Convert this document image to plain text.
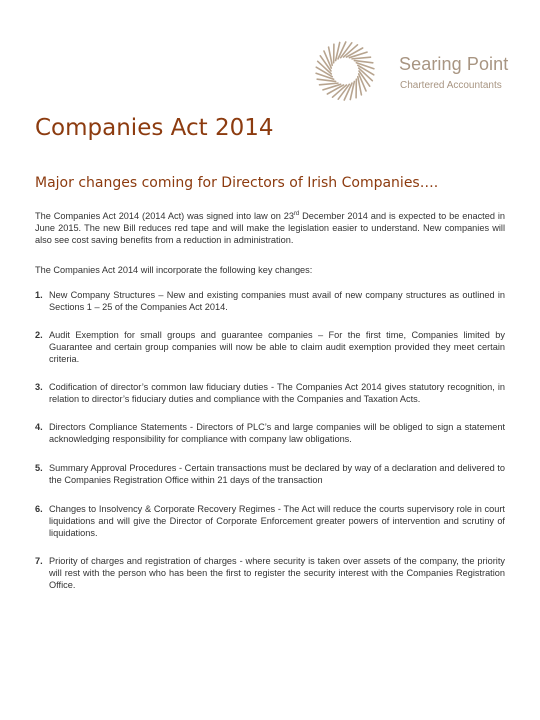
Searing Point
Chartered Accountants
Companies Act 2014
Major changes coming for Directors of Irish Companies….
The Companies Act 2014 (2014 Act) was signed into law on 23rd December 2014 and is expected to be enacted in June 2015. The new Bill reduces red tape and will make the legislation easier to understand. New companies will also see cost saving benefits from a reduction in administration.
The Companies Act 2014 will incorporate the following key changes:
1. New Company Structures – New and existing companies must avail of new company structures as outlined in Sections 1 – 25 of the Companies Act 2014.
2. Audit Exemption for small groups and guarantee companies – For the first time, Companies limited by Guarantee and certain group companies will now be able to claim audit exemption provided they meet certain criteria.
3. Codification of director’s common law fiduciary duties - The Companies Act 2014 gives statutory recognition, in relation to director’s fiduciary duties and compliance with the Companies and Taxation Acts.
4. Directors Compliance Statements - Directors of PLC’s and large companies will be obliged to sign a statement acknowledging responsibility for compliance with company law obligations.
5. Summary Approval Procedures - Certain transactions must be declared by way of a declaration and delivered to the Companies Registration Office within 21 days of the transaction
6. Changes to Insolvency & Corporate Recovery Regimes - The Act will reduce the courts supervisory role in court liquidations and will give the Director of Corporate Enforcement greater powers of intervention and scrutiny of liquidations.
7. Priority of charges and registration of charges - where security is taken over assets of the company, the priority will rest with the person who has been the first to register the security interest with the Companies Registration Office.
